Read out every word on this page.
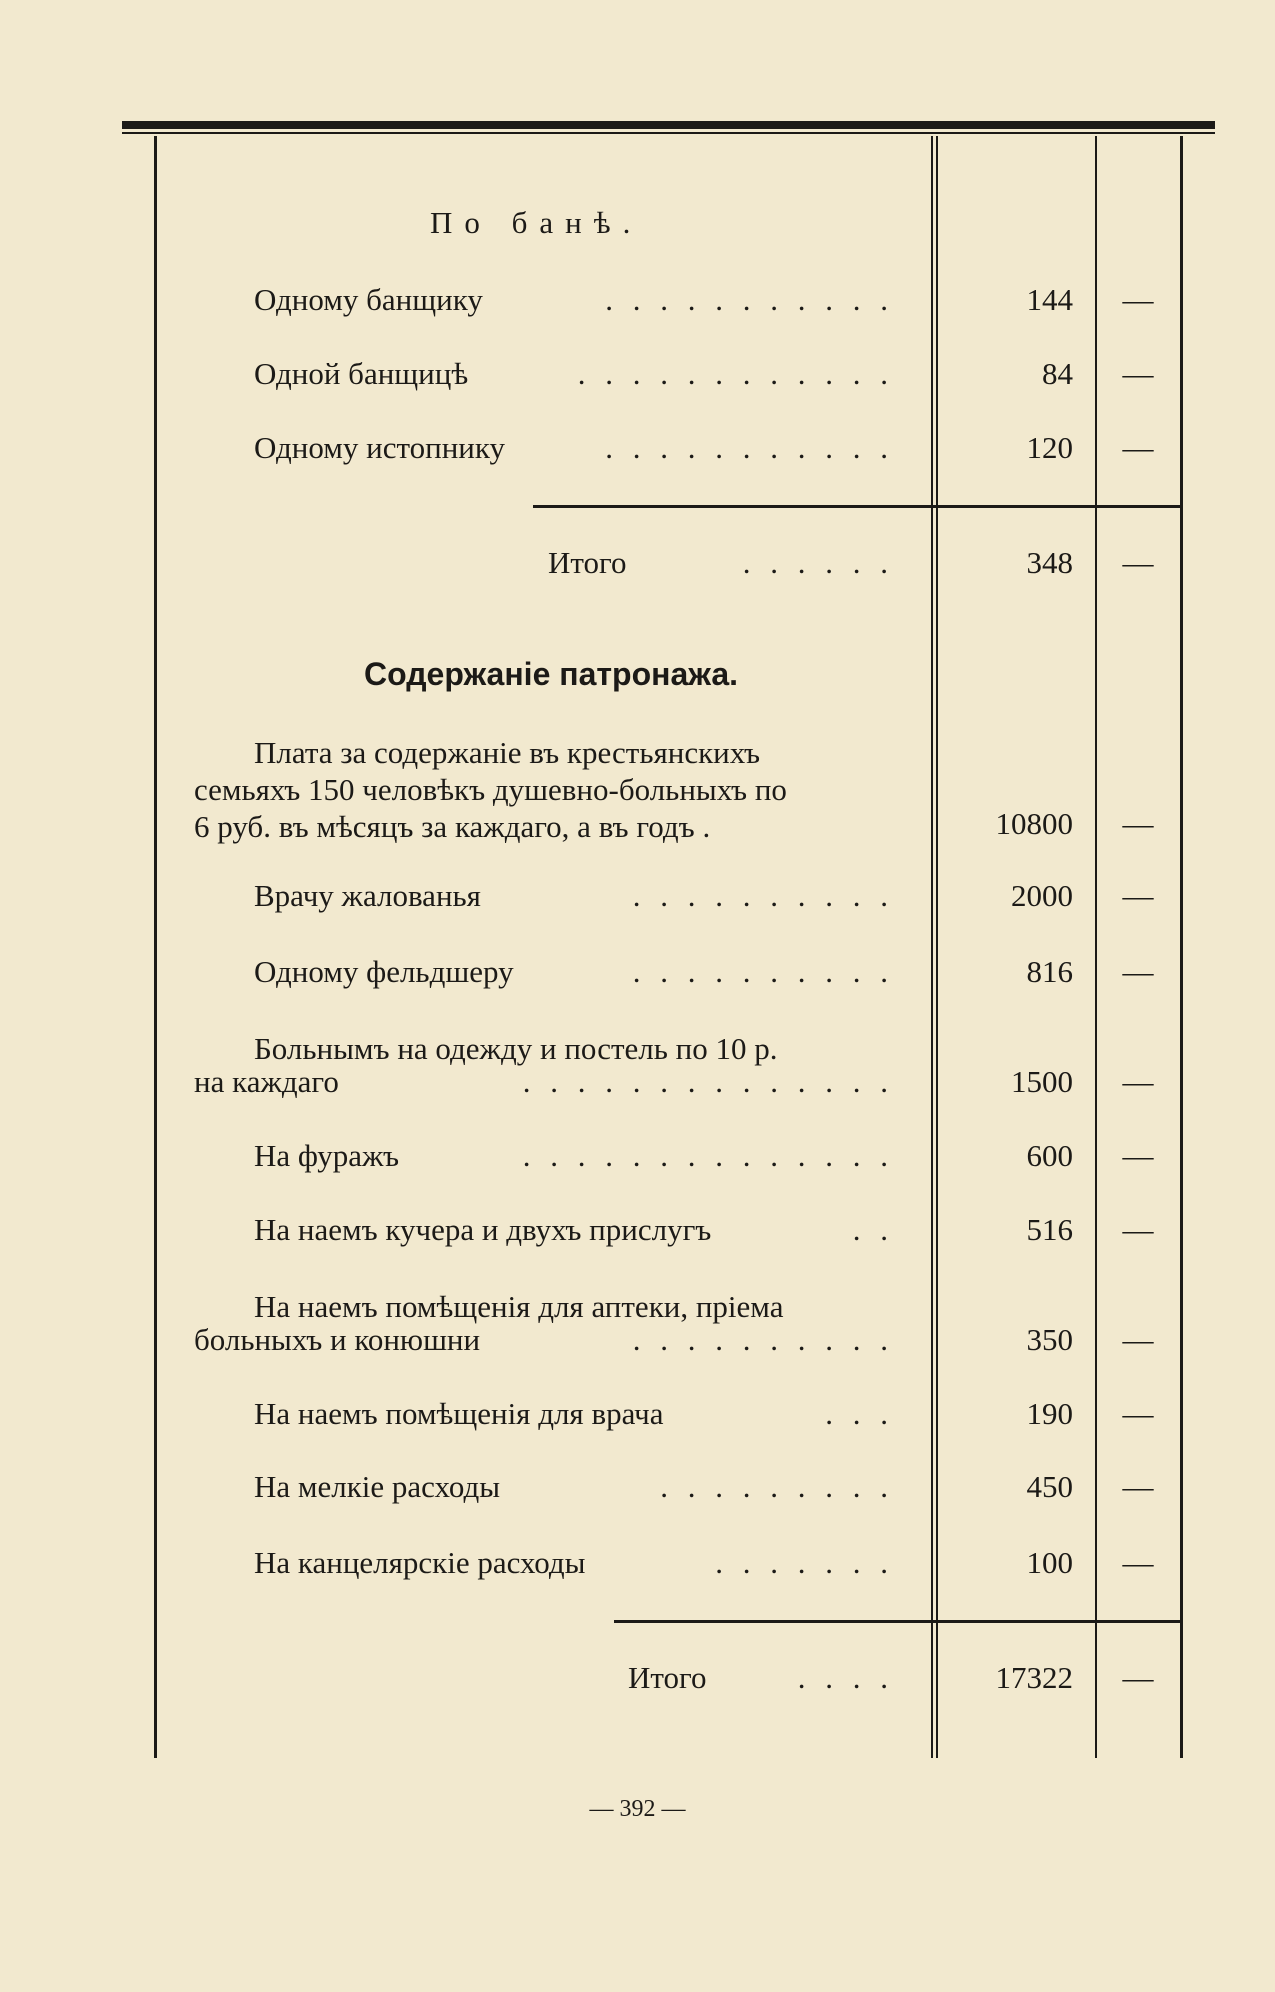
По банѣ.
Одному банщику	. . . . . . . . . . .	144 —
Одной банщицѣ	. . . . . . . . . . . .	84 —
Одному истопнику	. . . . . . . . . . .	120 —
Итого	. . . . . .	348 —
Содержаніе патронажа.
Плата за содержаніе въ крестьянскихъ
семьяхъ 150 человѣкъ душевно-больныхъ по
6 руб. въ мѣсяцъ за каждаго, а въ годъ .	10800 —
Врачу жалованья	. . . . . . . . . .	2000 —
Одному фельдшеру	. . . . . . . . . .	816 —
Больнымъ на одежду и постель по 10 р.
на каждаго	. . . . . . . . . . . . . .	1500 —
На фуражъ	. . . . . . . . . . . . . .	600 —
На наемъ кучера и двухъ прислугъ	. .	516 —
На наемъ помѣщенія для аптеки, пріема
больныхъ и конюшни	. . . . . . . . . .	350 —
На наемъ помѣщенія для врача	. . .	190 —
На мелкіе расходы	. . . . . . . . .	450 —
На канцелярскіе расходы	. . . . . . .	100 —
Итого	. . . .	17322 —
— 392 —
